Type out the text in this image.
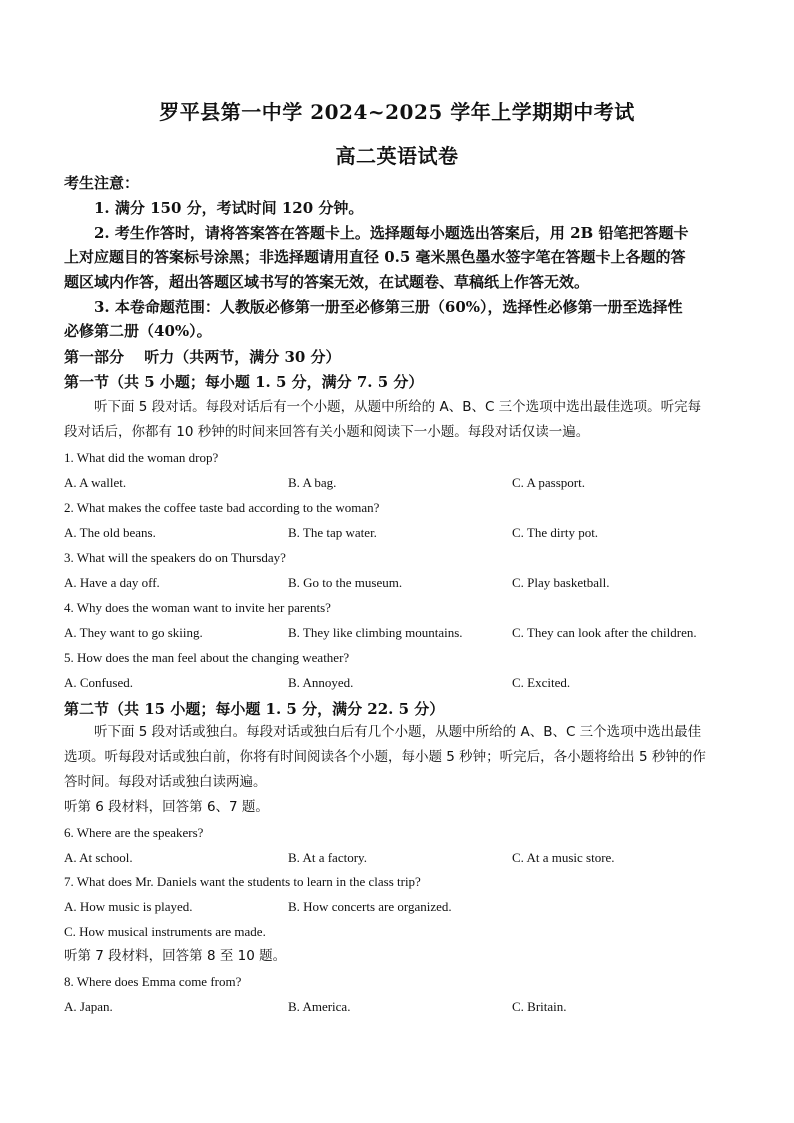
罗平县第一中学 2024~2025 学年上学期期中考试
高二英语试卷
考生注意：
1. 满分 150 分，考试时间 120 分钟。
2. 考生作答时，请将答案答在答题卡上。选择题每小题选出答案后，用 2B 铅笔把答题卡
上对应题目的答案标号涂黑；非选择题请用直径 0.5 毫米黑色墨水签字笔在答题卡上各题的答
题区域内作答，超出答题区域书写的答案无效，在试题卷、草稿纸上作答无效。
3. 本卷命题范围：人教版必修第一册至必修第三册（60%），选择性必修第一册至选择性
必修第二册（40%）。
第一部分　 听力（共两节，满分 30 分）
第一节（共 5 小题；每小题 1. 5 分，满分 7. 5 分）
听下面 5 段对话。每段对话后有一个小题，从题中所给的 A、B、C 三个选项中选出最佳选项。听完每
段对话后，你都有 10 秒钟的时间来回答有关小题和阅读下一小题。每段对话仅读一遍。
1. What did the woman drop?
A. A wallet.	B. A bag.	C. A passport.
2. What makes the coffee taste bad according to the woman?
A. The old beans.	B. The tap water.	C. The dirty pot.
3. What will the speakers do on Thursday?
A. Have a day off.	B. Go to the museum.	C. Play basketball.
4. Why does the woman want to invite her parents?
A. They want to go skiing.	B. They like climbing mountains.	C. They can look after the children.
5. How does the man feel about the changing weather?
A. Confused.	B. Annoyed.	C. Excited.
第二节（共 15 小题；每小题 1. 5 分，满分 22. 5 分）
听下面 5 段对话或独白。每段对话或独白后有几个小题，从题中所给的 A、B、C 三个选项中选出最佳
选项。听每段对话或独白前，你将有时间阅读各个小题，每小题 5 秒钟；听完后，各小题将给出 5 秒钟的作
答时间。每段对话或独白读两遍。
听第 6 段材料，回答第 6、7 题。
6. Where are the speakers?
A. At school.	B. At a factory.	C. At a music store.
7. What does Mr. Daniels want the students to learn in the class trip?
A. How music is played.	B. How concerts are organized.
C. How musical instruments are made.
听第 7 段材料，回答第 8 至 10 题。
8. Where does Emma come from?
A. Japan.	B. America.	C. Britain.
